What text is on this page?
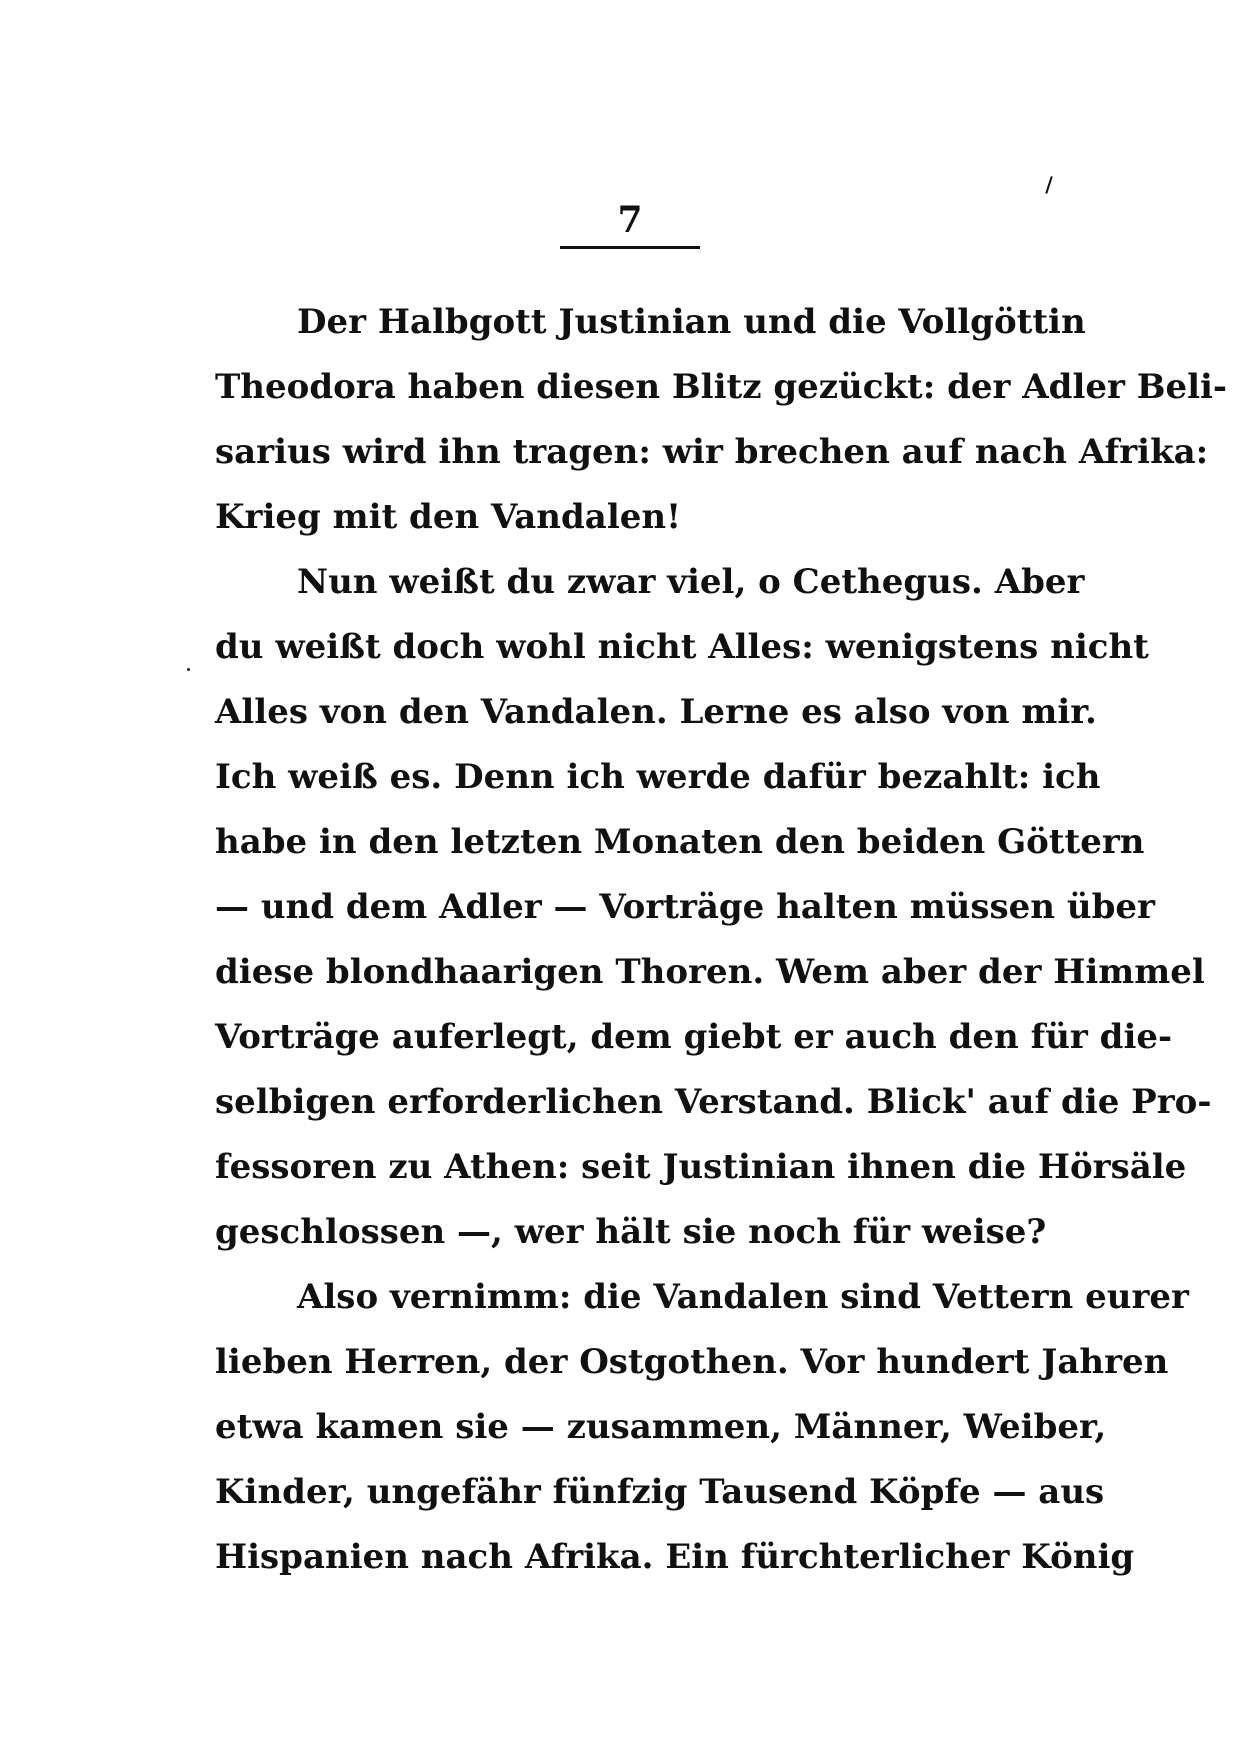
7
Der Halbgott Justinian und die Vollgöttin
Theodora haben diesen Blitz gezückt: der Adler Beli-
sarius wird ihn tragen: wir brechen auf nach Afrika:
Krieg mit den Vandalen!
Nun weißt du zwar viel, o Cethegus. Aber
du weißt doch wohl nicht Alles: wenigstens nicht
Alles von den Vandalen. Lerne es also von mir.
Ich weiß es. Denn ich werde dafür bezahlt: ich
habe in den letzten Monaten den beiden Göttern
— und dem Adler — Vorträge halten müssen über
diese blondhaarigen Thoren. Wem aber der Himmel
Vorträge auferlegt, dem giebt er auch den für die-
selbigen erforderlichen Verstand. Blick' auf die Pro-
fessoren zu Athen: seit Justinian ihnen die Hörsäle
geschlossen —, wer hält sie noch für weise?
Also vernimm: die Vandalen sind Vettern eurer
lieben Herren, der Ostgothen. Vor hundert Jahren
etwa kamen sie — zusammen, Männer, Weiber,
Kinder, ungefähr fünfzig Tausend Köpfe — aus
Hispanien nach Afrika. Ein fürchterlicher König
